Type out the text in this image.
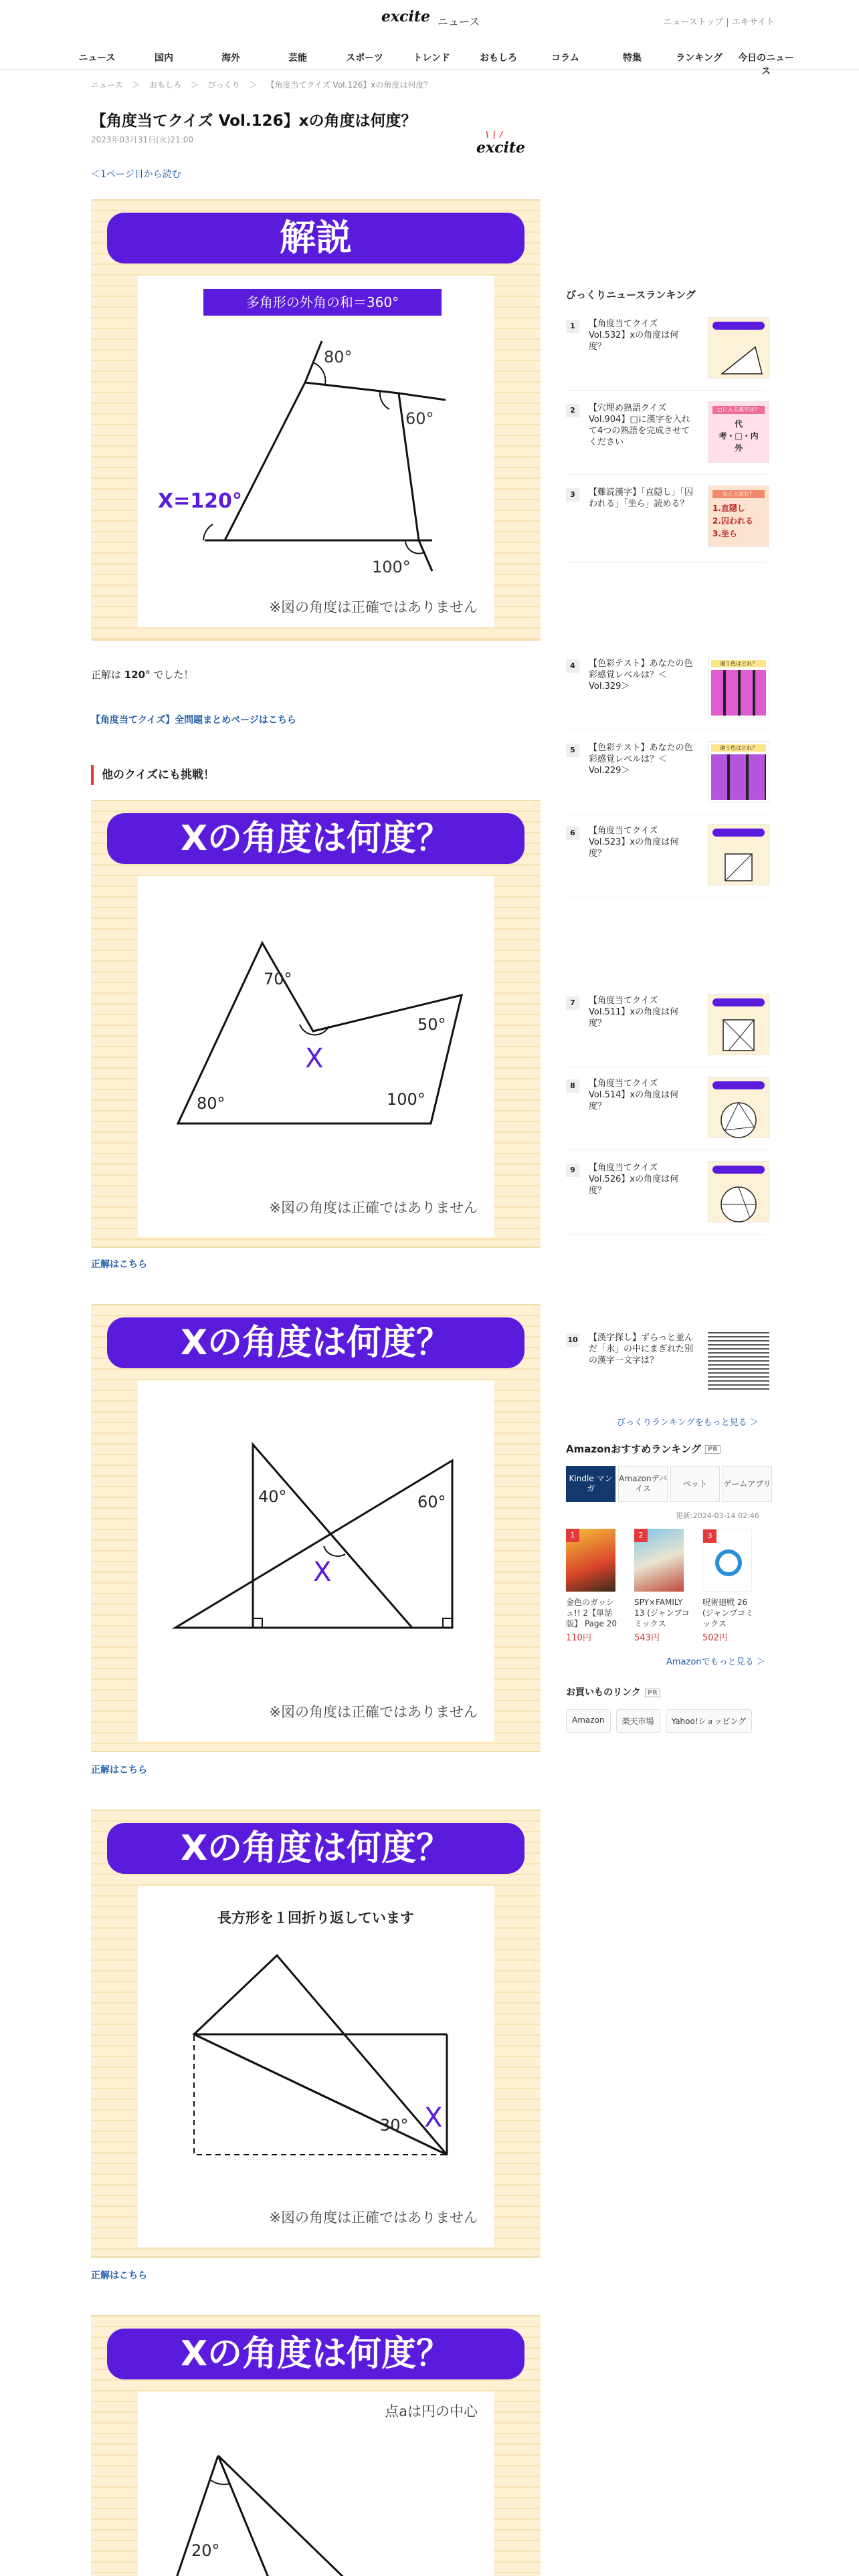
excite ニュース	ニューストップ | エキサイト
ニュース	国内	海外	芸能	スポーツ	トレンド	おもしろ	コラム	特集	ランキング	今日のニュース
ニュース ＞ おもしろ ＞ びっくり ＞ 【角度当てクイズ Vol.126】xの角度は何度？
【角度当てクイズ Vol.126】xの角度は何度？
2023年03月31日(火)21:00
\ | /
excite
＜1ページ目から読む
解説
多角形の外角の和＝360°
X=120°
80°
60°
100°
※図の角度は正確ではありません
正解は 120° でした！
【角度当てクイズ】全問題まとめページはこちら
他のクイズにも挑戦！
Xの角度は何度？
70°
50°
80°	100°
X
※図の角度は正確ではありません
正解はこちら
Xの角度は何度？
40°	60°
X
※図の角度は正確ではありません
正解はこちら
Xの角度は何度？
長方形を１回折り返しています
30° X
※図の角度は正確ではありません
正解はこちら
Xの角度は何度？
点aは円の中心
20°
びっくりニュースランキング
1	【角度当てクイズ Vol.532】xの角度は何度？
2	【穴埋め熟語クイズ Vol.904】□に漢字を入れて4つの熟語を完成させてください
□に入る漢字は？
代
考・□・内
外
3	【難読漢字】「直隠し」「囚われる」「坐ら」読める？
なんと読む？
1.直隠し
2.囚われる
3.坐ら
4	【色彩テスト】あなたの色彩感覚レベルは？＜Vol.329＞
違う色はどれ？
5	【色彩テスト】あなたの色彩感覚レベルは？＜Vol.229＞
違う色はどれ？
6	【角度当てクイズ Vol.523】xの角度は何度？
7	【角度当てクイズ Vol.511】xの角度は何度？
8	【角度当てクイズ Vol.514】xの角度は何度？
9	【角度当てクイズ Vol.526】xの角度は何度？
10 【漢字探し】ずらっと並んだ「氷」の中にまぎれた別の漢字一文字は？
びっくりランキングをもっと見る ＞
Amazonおすすめランキング PR
Kindle マンガ
Amazonデバイス
ペット	ゲームアプリ
更新:2024-03-14 02:46
1
金色のガッシュ!! 2【単話版】 Page 20
110円
2
SPY×FAMILY 13 (ジャンプコミックス
543円
3
呪術廻戦 26 (ジャンプコミックス
502円
Amazonでもっと見る ＞
お買いものリンク PR
Amazon	楽天市場	Yahoo!ショッピング
